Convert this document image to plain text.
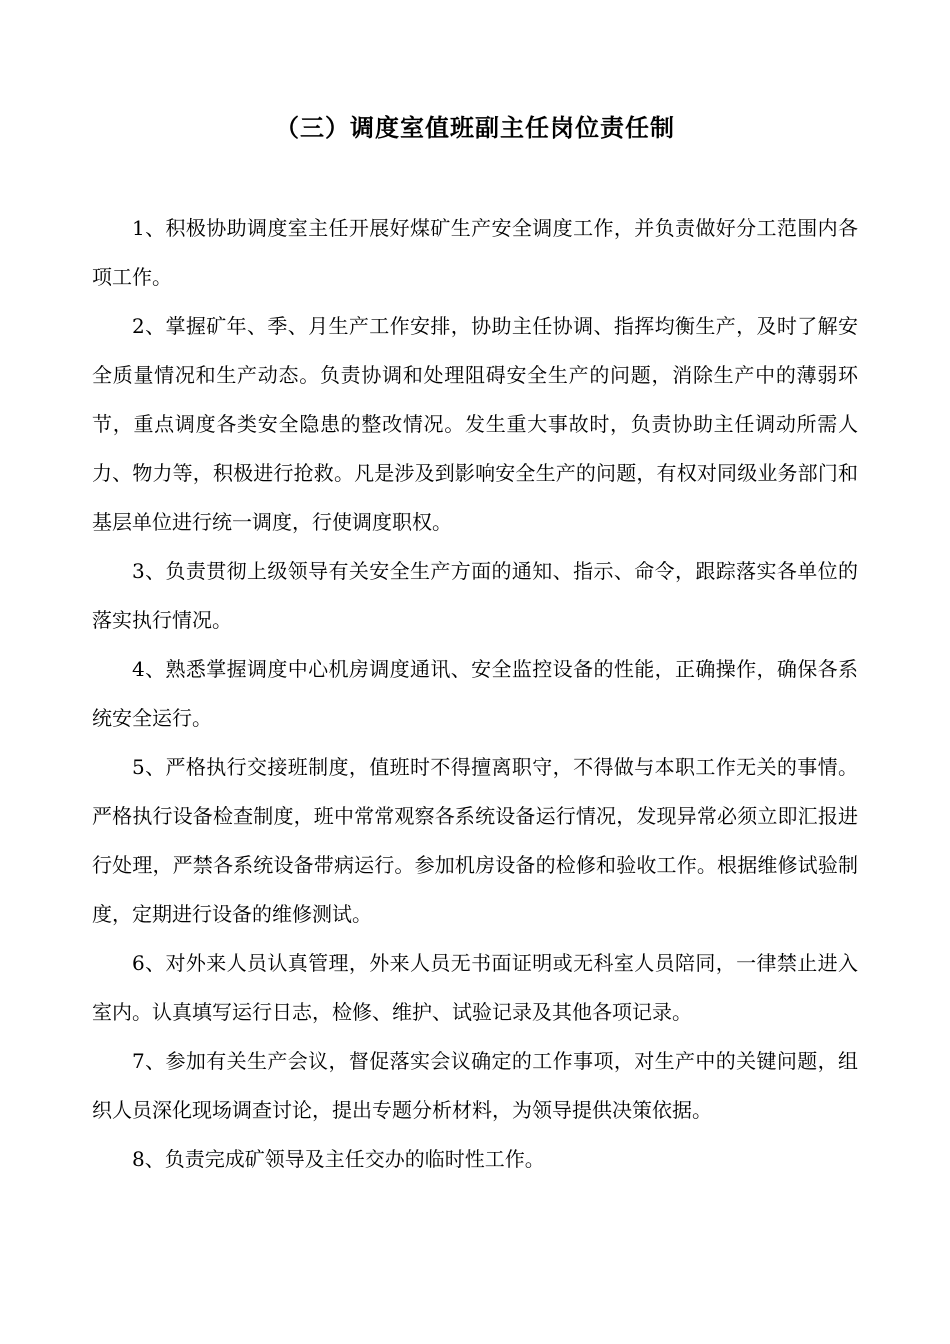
（三）调度室值班副主任岗位责任制

1、积极协助调度室主任开展好煤矿生产安全调度工作，并负责做好分工范围内各项工作。

2、掌握矿年、季、月生产工作安排，协助主任协调、指挥均衡生产，及时了解安全质量情况和生产动态。负责协调和处理阻碍安全生产的问题，消除生产中的薄弱环节，重点调度各类安全隐患的整改情况。发生重大事故时，负责协助主任调动所需人力、物力等，积极进行抢救。凡是涉及到影响安全生产的问题，有权对同级业务部门和基层单位进行统一调度，行使调度职权。

3、负责贯彻上级领导有关安全生产方面的通知、指示、命令，跟踪落实各单位的落实执行情况。

4、熟悉掌握调度中心机房调度通讯、安全监控设备的性能，正确操作，确保各系统安全运行。

5、严格执行交接班制度，值班时不得擅离职守，不得做与本职工作无关的事情。严格执行设备检查制度，班中常常观察各系统设备运行情况，发现异常必须立即汇报进行处理，严禁各系统设备带病运行。参加机房设备的检修和验收工作。根据维修试验制度，定期进行设备的维修测试。

6、对外来人员认真管理，外来人员无书面证明或无科室人员陪同，一律禁止进入室内。认真填写运行日志，检修、维护、试验记录及其他各项记录。

7、参加有关生产会议，督促落实会议确定的工作事项，对生产中的关键问题，组织人员深化现场调查讨论，提出专题分析材料，为领导提供决策依据。

8、负责完成矿领导及主任交办的临时性工作。
